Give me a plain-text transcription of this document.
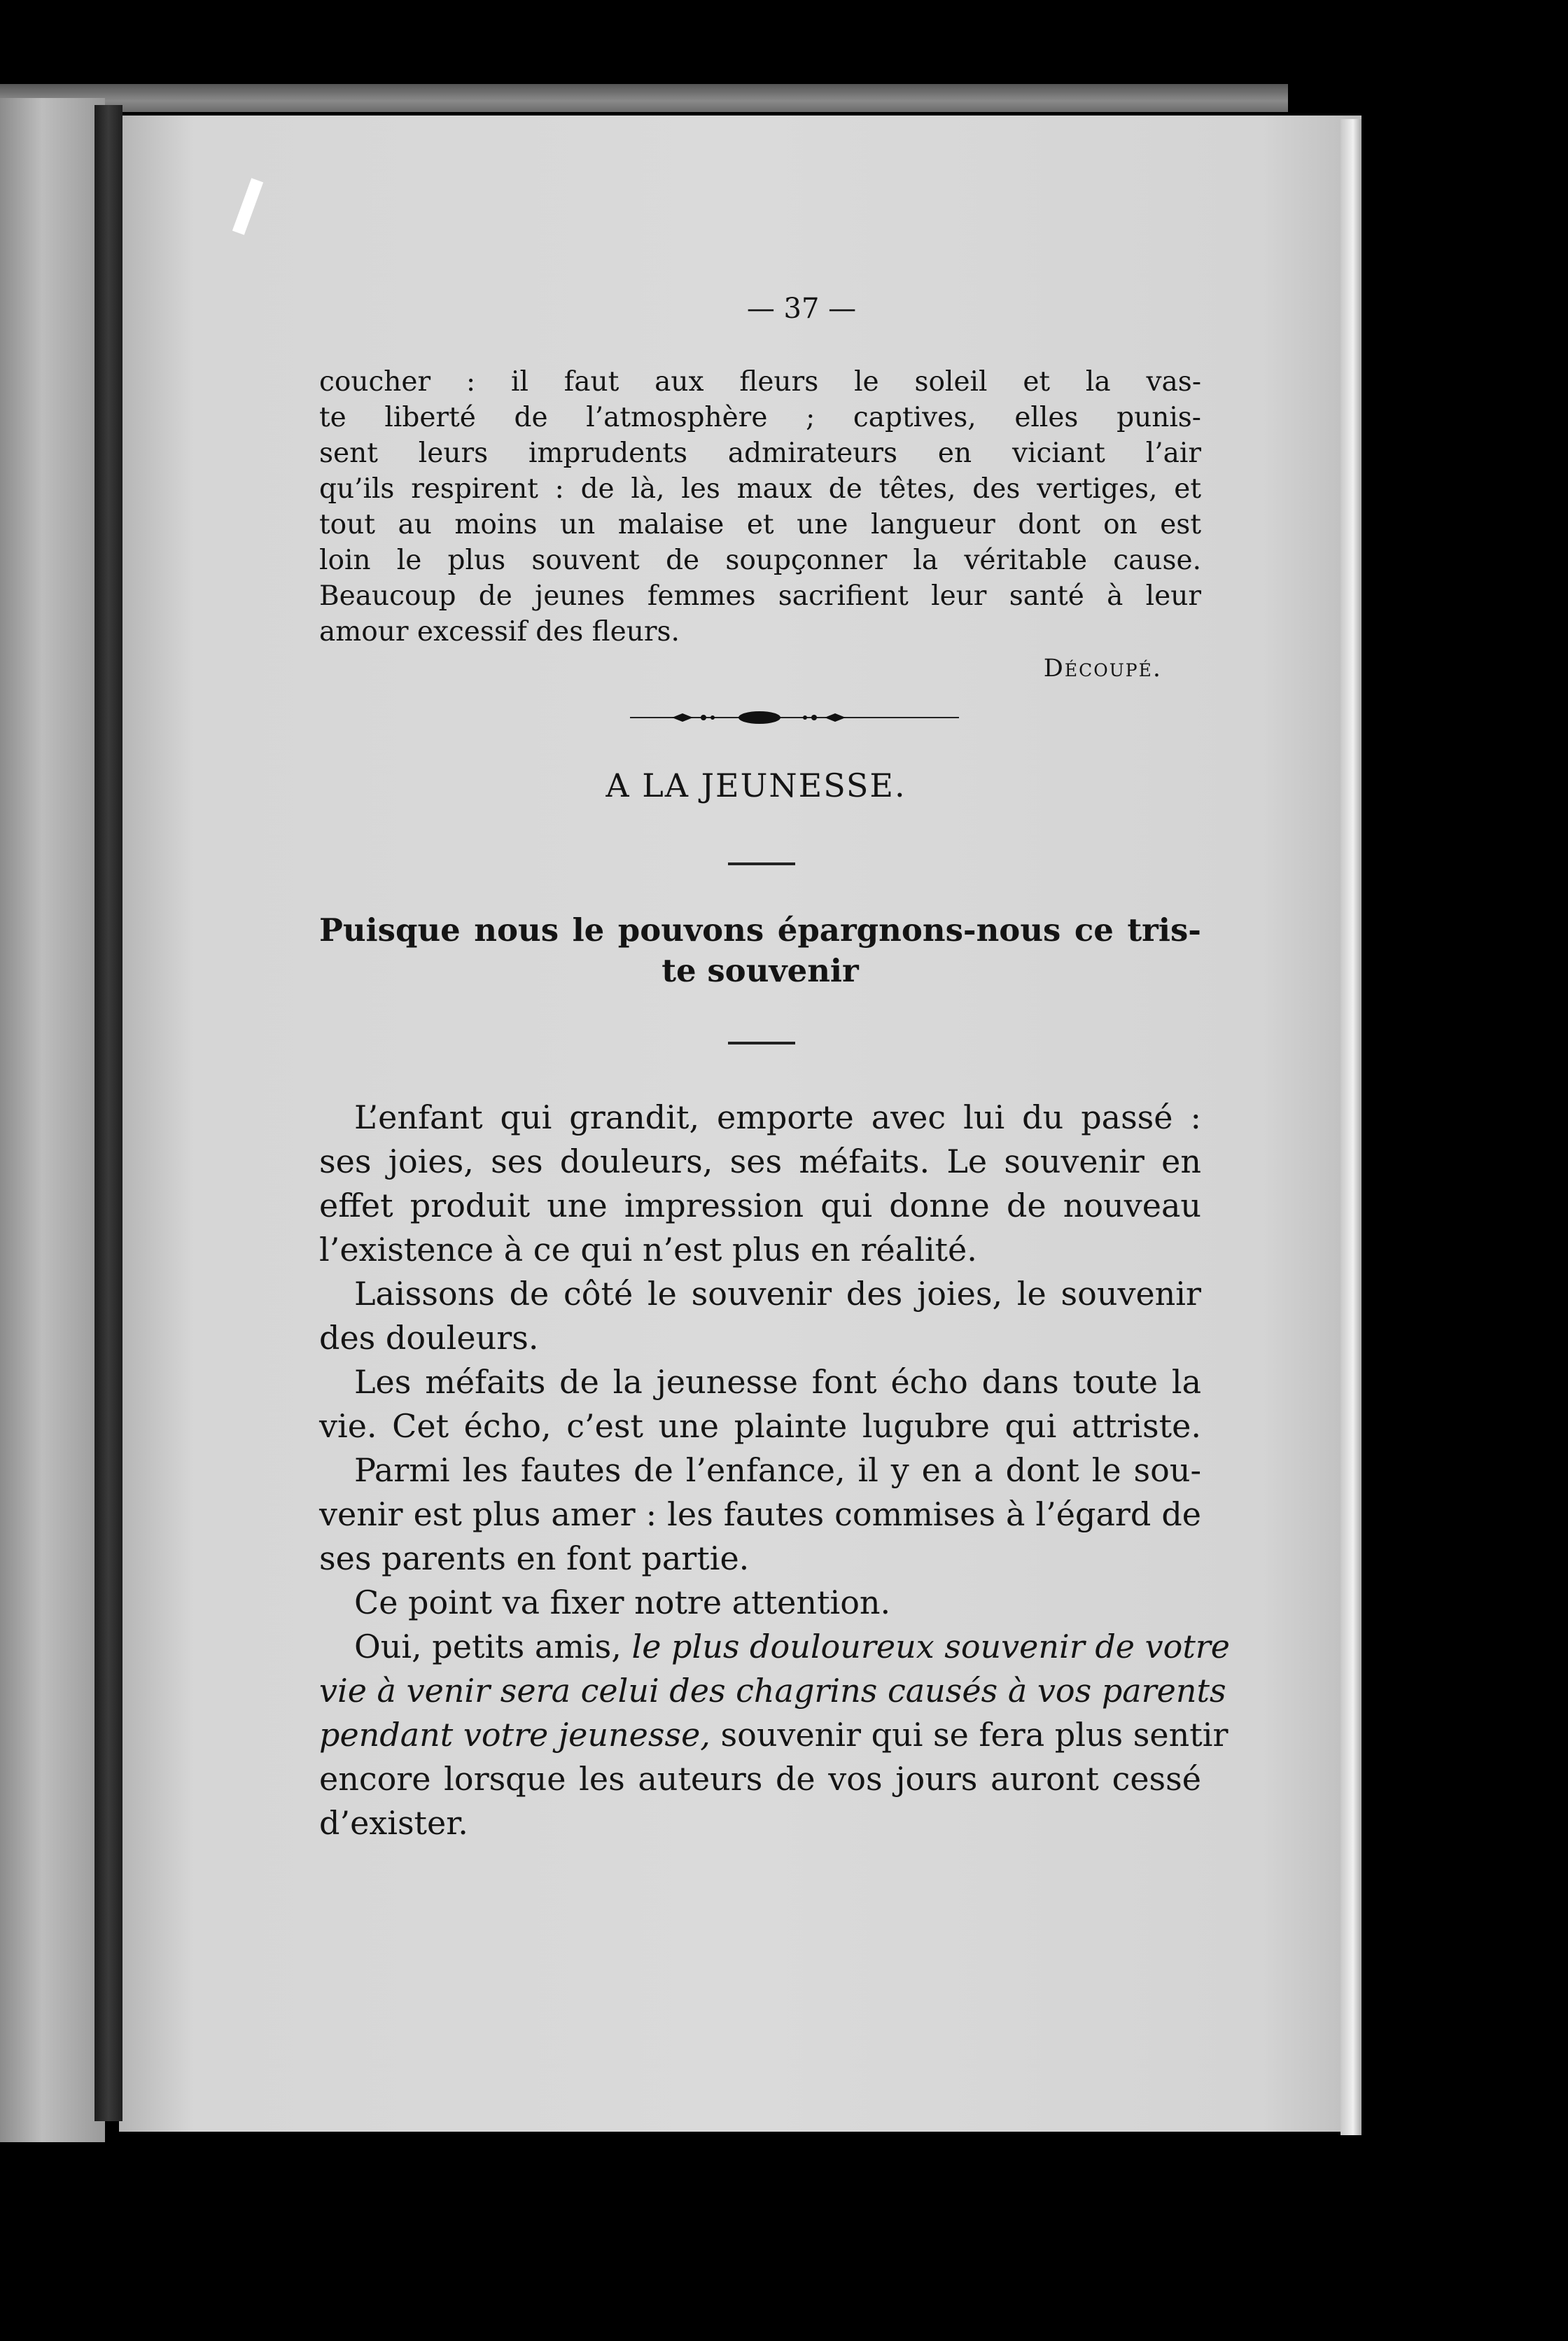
— 37 —
coucher : il faut aux fleurs le soleil et la vas-
te liberté de l’atmosphère ; captives, elles punis-
sent leurs imprudents admirateurs en viciant l’air
qu’ils respirent : de là, les maux de têtes, des vertiges, et
tout au moins un malaise et une langueur dont on est
loin le plus souvent de soupçonner la véritable cause.
Beaucoup de jeunes femmes sacrifient leur santé à leur
amour excessif des fleurs.
Découpé.
A LA JEUNESSE.
Puisque nous le pouvons épargnons-nous ce tris-
te souvenir
L’enfant qui grandit, emporte avec lui du passé :
ses joies, ses douleurs, ses méfaits. Le souvenir en
effet produit une impression qui donne de nouveau
l’existence à ce qui n’est plus en réalité.
Laissons de côté le souvenir des joies, le souvenir
des douleurs.
Les méfaits de la jeunesse font écho dans toute la
vie. Cet écho, c’est une plainte lugubre qui attriste.
Parmi les fautes de l’enfance, il y en a dont le sou-
venir est plus amer : les fautes commises à l’égard de
ses parents en font partie.
Ce point va fixer notre attention.
Oui, petits amis, le plus douloureux souvenir de votre
vie à venir sera celui des chagrins causés à vos parents
pendant votre jeunesse, souvenir qui se fera plus sentir
encore lorsque les auteurs de vos jours auront cessé
d’exister.
